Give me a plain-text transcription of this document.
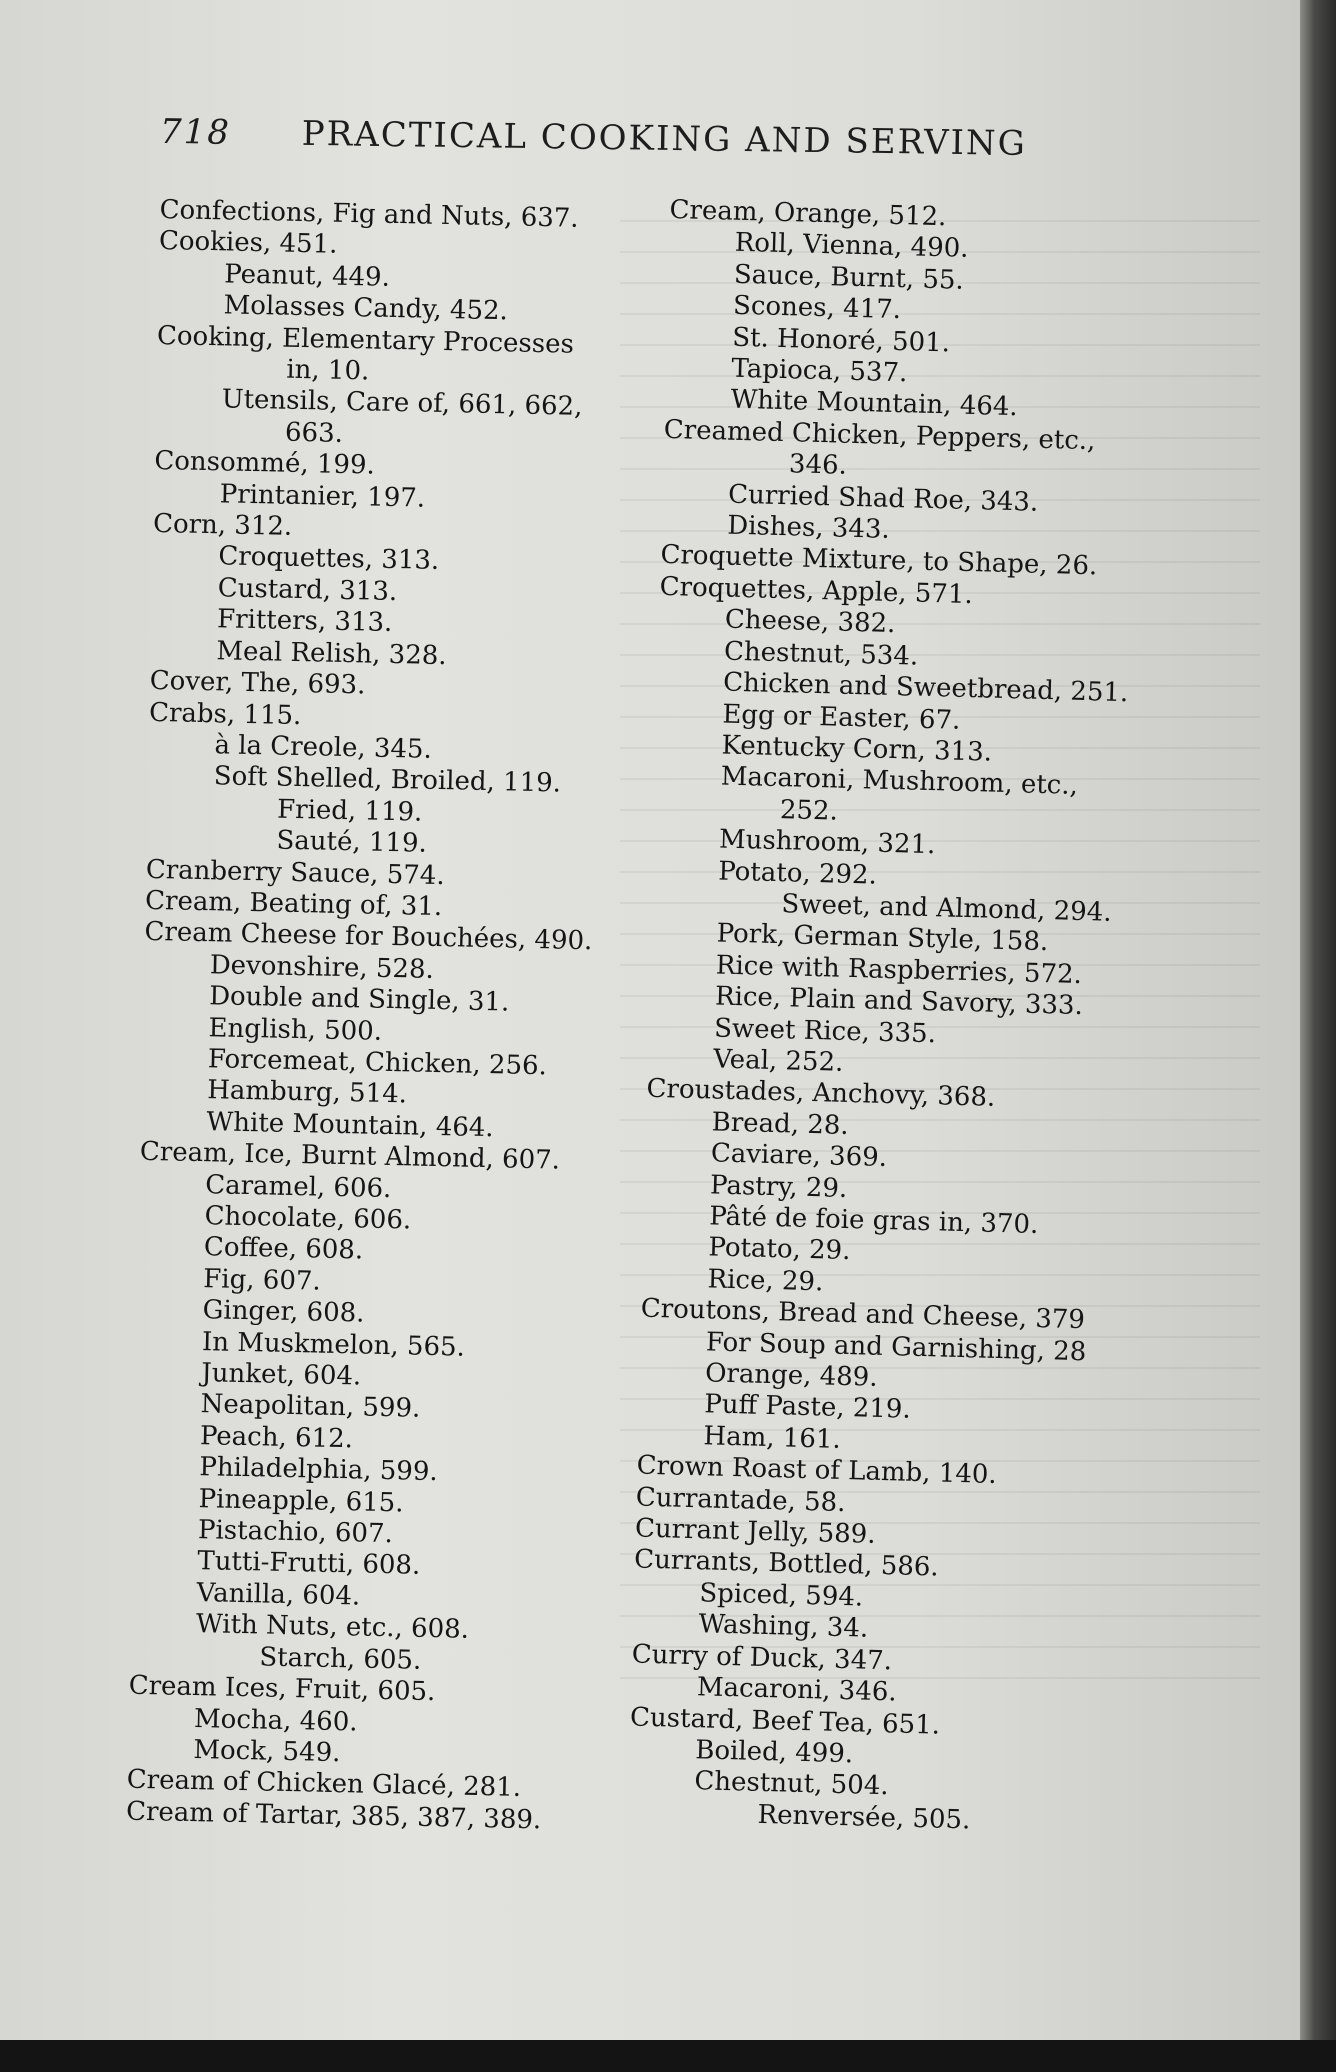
718 PRACTICAL COOKING AND SERVING
Confections, Fig and Nuts, 637.
Cookies, 451.
Peanut, 449.
Molasses Candy, 452.
Cooking, Elementary Processes
in, 10.
Utensils, Care of, 661, 662,
663.
Consommé, 199.
Printanier, 197.
Corn, 312.
Croquettes, 313.
Custard, 313.
Fritters, 313.
Meal Relish, 328.
Cover, The, 693.
Crabs, 115.
à la Creole, 345.
Soft Shelled, Broiled, 119.
Fried, 119.
Sauté, 119.
Cranberry Sauce, 574.
Cream, Beating of, 31.
Cream Cheese for Bouchées, 490.
Devonshire, 528.
Double and Single, 31.
English, 500.
Forcemeat, Chicken, 256.
Hamburg, 514.
White Mountain, 464.
Cream, Ice, Burnt Almond, 607.
Caramel, 606.
Chocolate, 606.
Coffee, 608.
Fig, 607.
Ginger, 608.
In Muskmelon, 565.
Junket, 604.
Neapolitan, 599.
Peach, 612.
Philadelphia, 599.
Pineapple, 615.
Pistachio, 607.
Tutti-Frutti, 608.
Vanilla, 604.
With Nuts, etc., 608.
Starch, 605.
Cream Ices, Fruit, 605.
Mocha, 460.
Mock, 549.
Cream of Chicken Glacé, 281.
Cream of Tartar, 385, 387, 389.
Cream, Orange, 512.
Roll, Vienna, 490.
Sauce, Burnt, 55.
Scones, 417.
St. Honoré, 501.
Tapioca, 537.
White Mountain, 464.
Creamed Chicken, Peppers, etc.,
346.
Curried Shad Roe, 343.
Dishes, 343.
Croquette Mixture, to Shape, 26.
Croquettes, Apple, 571.
Cheese, 382.
Chestnut, 534.
Chicken and Sweetbread, 251.
Egg or Easter, 67.
Kentucky Corn, 313.
Macaroni, Mushroom, etc.,
252.
Mushroom, 321.
Potato, 292.
Sweet, and Almond, 294.
Pork, German Style, 158.
Rice with Raspberries, 572.
Rice, Plain and Savory, 333.
Sweet Rice, 335.
Veal, 252.
Croustades, Anchovy, 368.
Bread, 28.
Caviare, 369.
Pastry, 29.
Pâté de foie gras in, 370.
Potato, 29.
Rice, 29.
Croutons, Bread and Cheese, 379
For Soup and Garnishing, 28
Orange, 489.
Puff Paste, 219.
Ham, 161.
Crown Roast of Lamb, 140.
Currantade, 58.
Currant Jelly, 589.
Currants, Bottled, 586.
Spiced, 594.
Washing, 34.
Curry of Duck, 347.
Macaroni, 346.
Custard, Beef Tea, 651.
Boiled, 499.
Chestnut, 504.
Renversée, 505.
